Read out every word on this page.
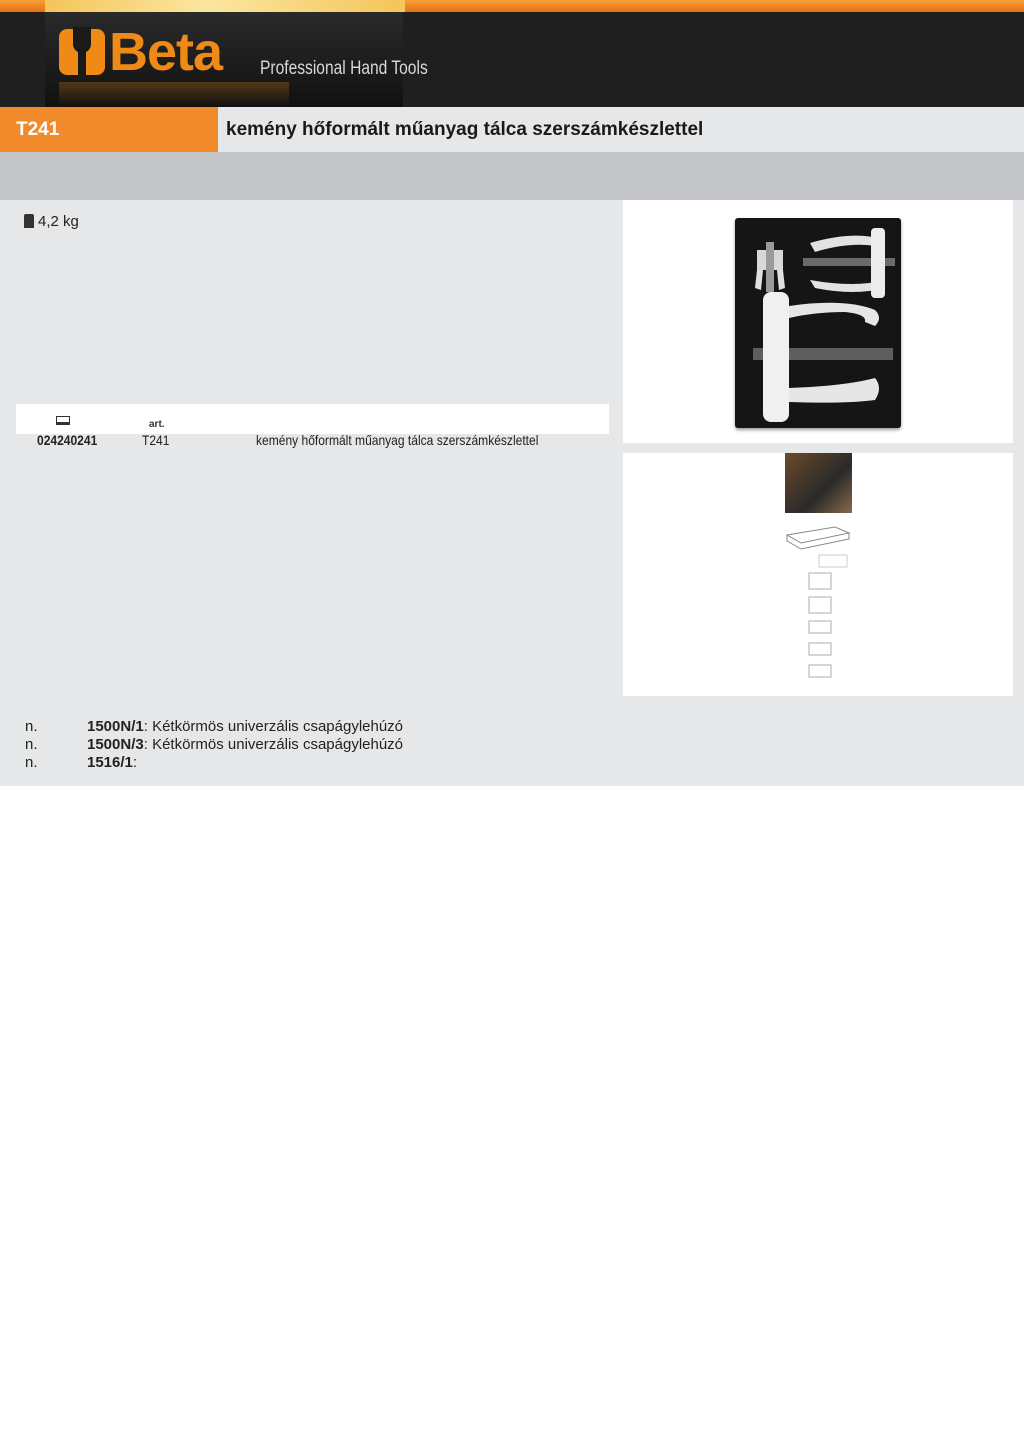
Beta Professional Hand Tools
T241	kemény hőformált műanyag tálca szerszámkészlettel
4,2 kg
art.
024240241	T241	kemény hőformált műanyag tálca szerszámkészlettel
n.	1500N/1: Kétkörmös univerzális csapágylehúzó
n.	1500N/3: Kétkörmös univerzális csapágylehúzó
n.	1516/1:
